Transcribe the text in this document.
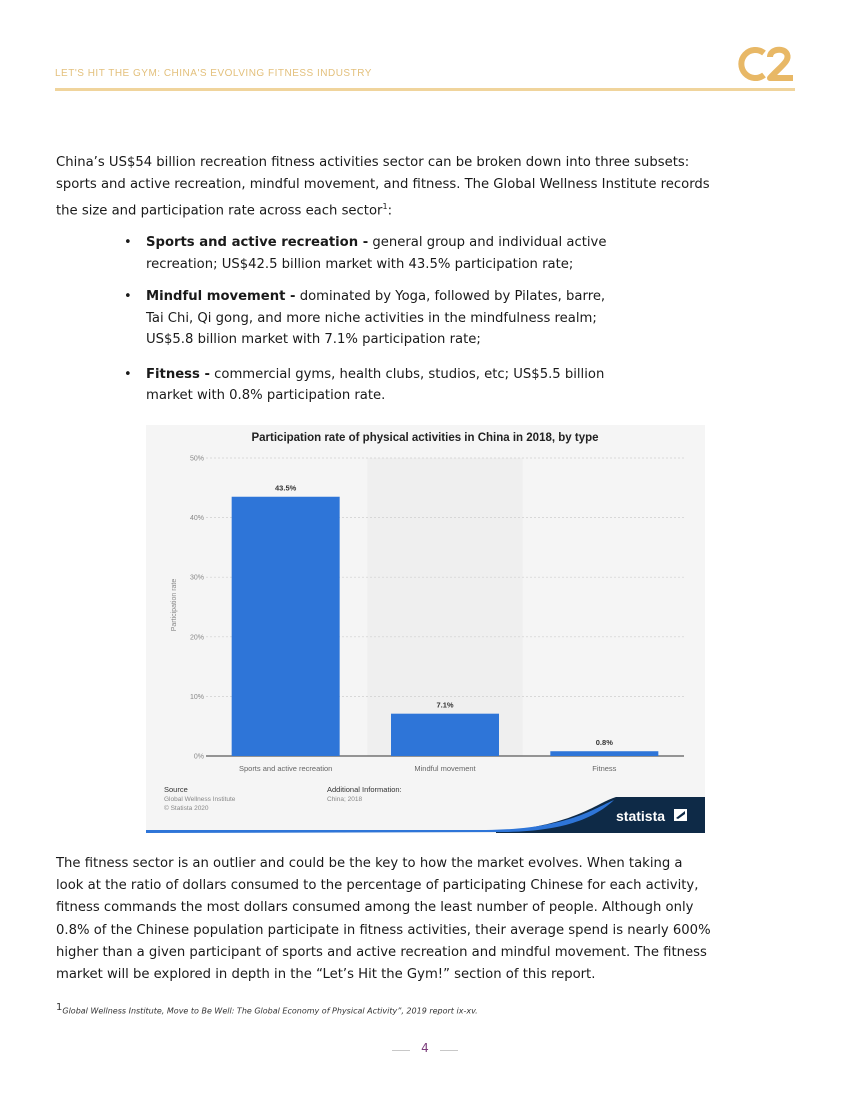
LET'S HIT THE GYM: CHINA'S EVOLVING FITNESS INDUSTRY

China’s US$54 billion recreation fitness activities sector can be broken down into three subsets: sports and active recreation, mindful movement, and fitness. The Global Wellness Institute records the size and participation rate across each sector$^1$:

• Sports and active recreation - general group and individual active recreation; US$42.5 billion market with 43.5% participation rate;
• Mindful movement - dominated by Yoga, followed by Pilates, barre, Tai Chi, Qi gong, and more niche activities in the mindfulness realm; US$5.8 billion market with 7.1% participation rate;
• Fitness - commercial gyms, health clubs, studios, etc; US$5.5 billion market with 0.8% participation rate.
Participation rate of physical activities in China in 2018, by type
0%
10%
20%
30%
40%
50%
43.5%
Sports and active recreation
7.1%
Mindful movement
0.8%
Fitness
Participation rate
Source
Global Wellness Institute
© Statista 2020
Additional Information:
China; 2018
statista

The fitness sector is an outlier and could be the key to how the market evolves. When taking a look at the ratio of dollars consumed to the percentage of participating Chinese for each activity, fitness commands the most dollars consumed among the least number of people. Although only 0.8% of the Chinese population participate in fitness activities, their average spend is nearly 600% higher than a given participant of sports and active recreation and mindful movement. The fitness market will be explored in depth in the “Let’s Hit the Gym!” section of this report.

$^1$Global Wellness Institute, Move to Be Well: The Global Economy of Physical Activity”, 2019 report ix-xv.
4
